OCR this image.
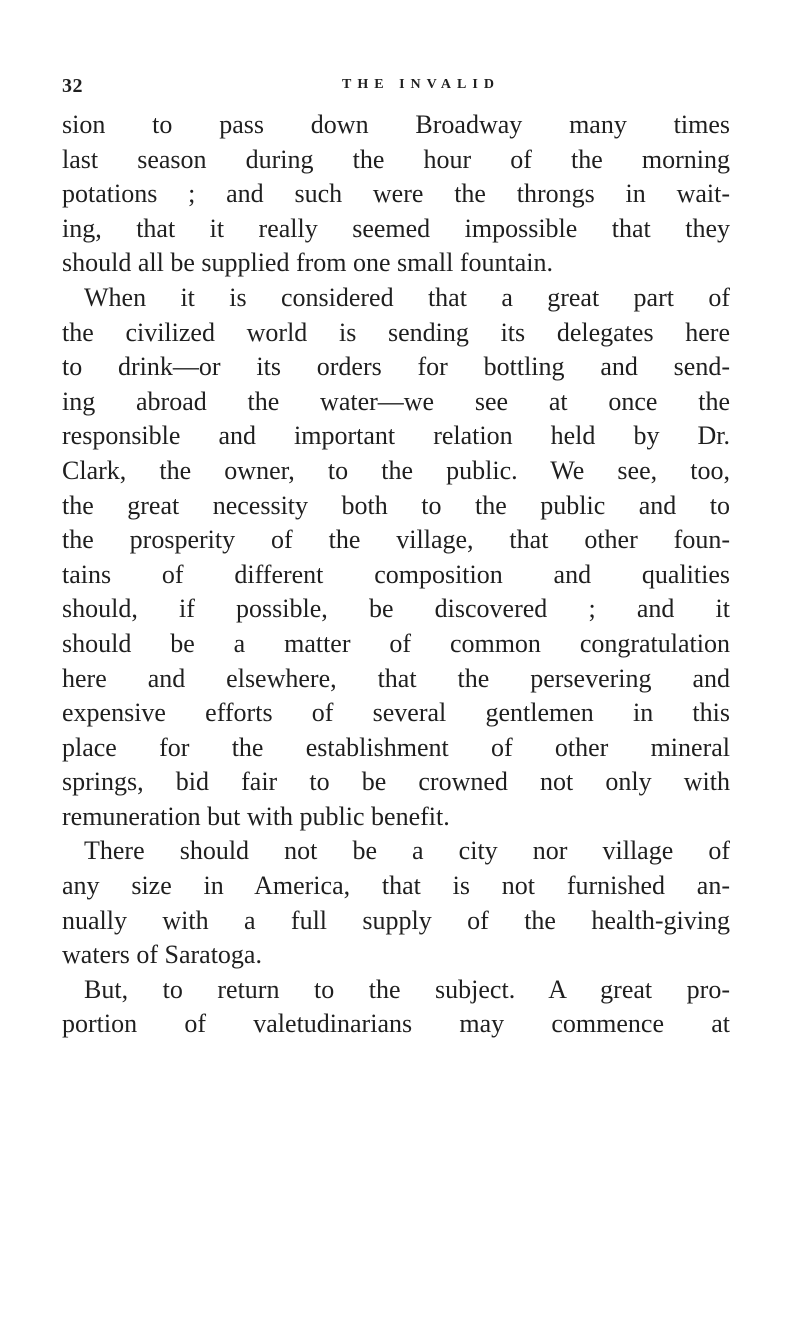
32	THE INVALID
sion to pass down Broadway many times
last season during the hour of the morning
potations ; and such were the throngs in wait-
ing, that it really seemed impossible that they
should all be supplied from one small fountain.
When it is considered that a great part of
the civilized world is sending its delegates here
to drink—or its orders for bottling and send-
ing abroad the water—we see at once the
responsible and important relation held by Dr.
Clark, the owner, to the public. We see, too,
the great necessity both to the public and to
the prosperity of the village, that other foun-
tains of different composition and qualities
should, if possible, be discovered ; and it
should be a matter of common congratulation
here and elsewhere, that the persevering and
expensive efforts of several gentlemen in this
place for the establishment of other mineral
springs, bid fair to be crowned not only with
remuneration but with public benefit.
There should not be a city nor village of
any size in America, that is not furnished an-
nually with a full supply of the health-giving
waters of Saratoga.
But, to return to the subject. A great pro-
portion of valetudinarians may commence at
